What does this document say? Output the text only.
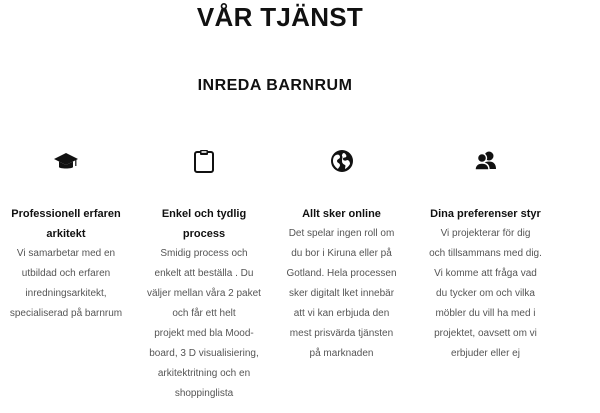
VÅR TJÄNST
INREDA BARNRUM
Professionell erfaren
arkitekt
Vi samarbetar med en
utbildad och erfaren
inredningsarkitekt,
specialiserad på barnrum
Enkel och tydlig
process
Smidig process och
enkelt att beställa . Du
väljer mellan våra 2 paket
och får ett helt
projekt med bla Mood-
board, 3 D visualisiering,
arkitektritning och en
shoppinglista
Allt sker online
Det spelar ingen roll om
du bor i Kiruna eller på
Gotland. Hela processen
sker digitalt lket innebär
att vi kan erbjuda den
mest prisvärda tjänsten
på marknaden
Dina preferenser styr
Vi projekterar för dig
och tillsammans med dig.
Vi komme att fråga vad
du tycker om och vilka
möbler du vill ha med i
projektet, oavsett om vi
erbjuder eller ej
